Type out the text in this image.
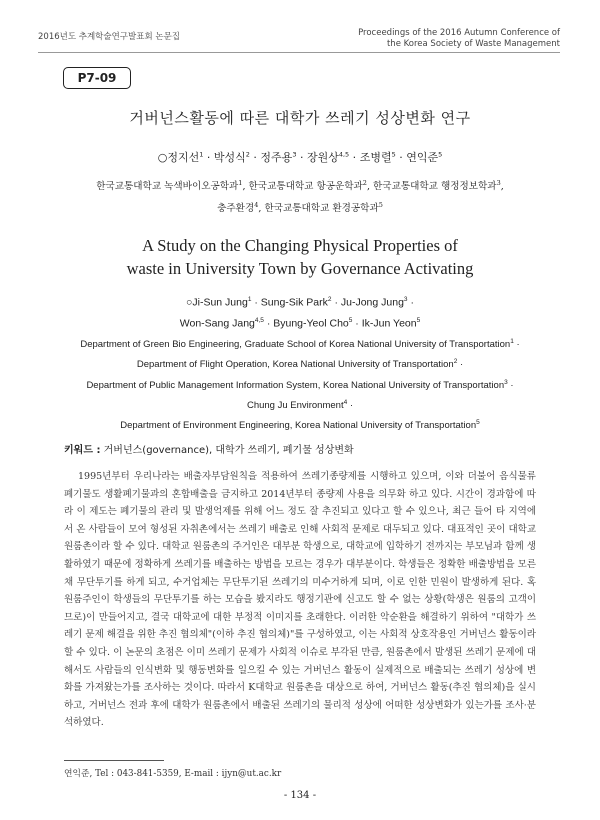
2016년도 추계학술연구발표회 논문집	Proceedings of the 2016 Autumn Conference of
the Korea Society of Waste Management
P7-09
거버넌스활동에 따른 대학가 쓰레기 성상변화 연구
○정지선$^1$ · 박성식$^2$ · 정주용$^3$ · 장원상$^{4,5}$ · 조병렬$^5$ · 연익준$^5$
한국교통대학교 녹색바이오공학과$^1$, 한국교통대학교 항공운학과$^2$, 한국교통대학교 행정정보학과$^3$,
충주환경$^4$, 한국교통대학교 환경공학과$^5$
A Study on the Changing Physical Properties of
waste in University Town by Governance Activating
○Ji-Sun Jung$^1$ · Sung-Sik Park$^2$ · Ju-Jong Jung$^3$ ·
Won-Sang Jang$^{4,5}$ · Byung-Yeol Cho$^5$ · Ik-Jun Yeon$^5$
Department of Green Bio Engineering, Graduate School of Korea National University of Transportation$^1$ ·
Department of Flight Operation, Korea National University of Transportation$^2$ ·
Department of Public Management Information System, Korea National University of Transportation$^3$ ·
Chung Ju Environment$^4$ ·
Department of Environment Engineering, Korea National University of Transportation$^5$
키워드 : 거버넌스(governance), 대학가 쓰레기, 폐기물 성상변화

1995년부터 우리나라는 배출자부담원칙을 적용하여 쓰레기종량제를 시행하고 있으며, 이와 더불어 음식물류폐기물도 생활폐기물과의 혼합배출을 금지하고 2014년부터 종량제 사용을 의무화 하고 있다. 시간이 경과함에 따라 이 제도는 폐기물의 관리 및 발생억제를 위해 어느 정도 잘 추진되고 있다고 할 수 있으나, 최근 들어 타 지역에서 온 사람들이 모여 형성된 자취촌에서는 쓰레기 배출로 인해 사회적 문제로 대두되고 있다. 대표적인 곳이 대학교 원룸촌이라 할 수 있다. 대학교 원룸촌의 주거인은 대부분 학생으로, 대학교에 입학하기 전까지는 부모님과 함께 생활하였기 때문에 정확하게 쓰레기를 배출하는 방법을 모르는 경우가 대부분이다. 학생들은 정확한 배출방법을 모른채 무단투기를 하게 되고, 수거업체는 무단투기된 쓰레기의 미수거하게 되며, 이로 인한 민원이 발생하게 된다. 혹 원룸주인이 학생들의 무단투기를 하는 모습을 봤지라도 행정기관에 신고도 할 수 없는 상황(학생은 원룸의 고객이므로)이 만들어지고, 결국 대학교에 대한 부정적 이미지를 초래한다. 이러한 악순환을 해결하기 위하여 "대학가 쓰레기 문제 해결을 위한 추진 협의체"(이하 추진 협의체)"를 구성하였고, 이는 사회적 상호작용인 거버넌스 활동이라 할 수 있다. 이 논문의 초점은 이미 쓰레기 문제가 사회적 이슈로 부각된 만큼, 원룸촌에서 발생된 쓰레기 문제에 대해서도 사람들의 인식변화 및 행동변화를 일으킬 수 있는 거버넌스 활동이 실제적으로 배출되는 쓰레기 성상에 변화를 가져왔는가를 조사하는 것이다. 따라서 K대학교 원룸촌을 대상으로 하여, 거버넌스 활동(추진 협의체)을 실시하고, 거버넌스 전과 후에 대학가 원룸촌에서 배출된 쓰레기의 물리적 성상에 어떠한 성상변화가 있는가를 조사·분석하였다.

연익준, Tel : 043-841-5359, E-mail : ijyn@ut.ac.kr
- 134 -
